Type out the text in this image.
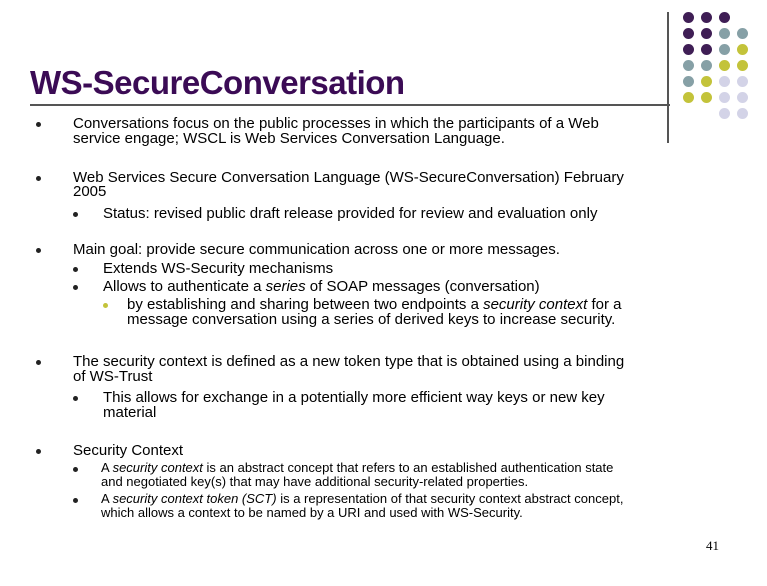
WS-SecureConversation
Conversations focus on the public processes in which the participants of a Web
service engage; WSCL is Web Services Conversation Language.
Web Services Secure Conversation Language (WS-SecureConversation) February
2005
Status: revised public draft release provided for review and evaluation only
Main goal: provide secure communication across one or more messages.
Extends WS-Security mechanisms
Allows to authenticate a series of SOAP messages (conversation)
by establishing and sharing between two endpoints a security context for a
message conversation using a series of derived keys to increase security.
The security context is defined as a new token type that is obtained using a binding
of WS-Trust
This allows for exchange in a potentially more efficient way keys or new key
material
Security Context
A security context is an abstract concept that refers to an established authentication state
and negotiated key(s) that may have additional security-related properties.
A security context token (SCT) is a representation of that security context abstract concept,
which allows a context to be named by a URI and used with WS-Security.
41
